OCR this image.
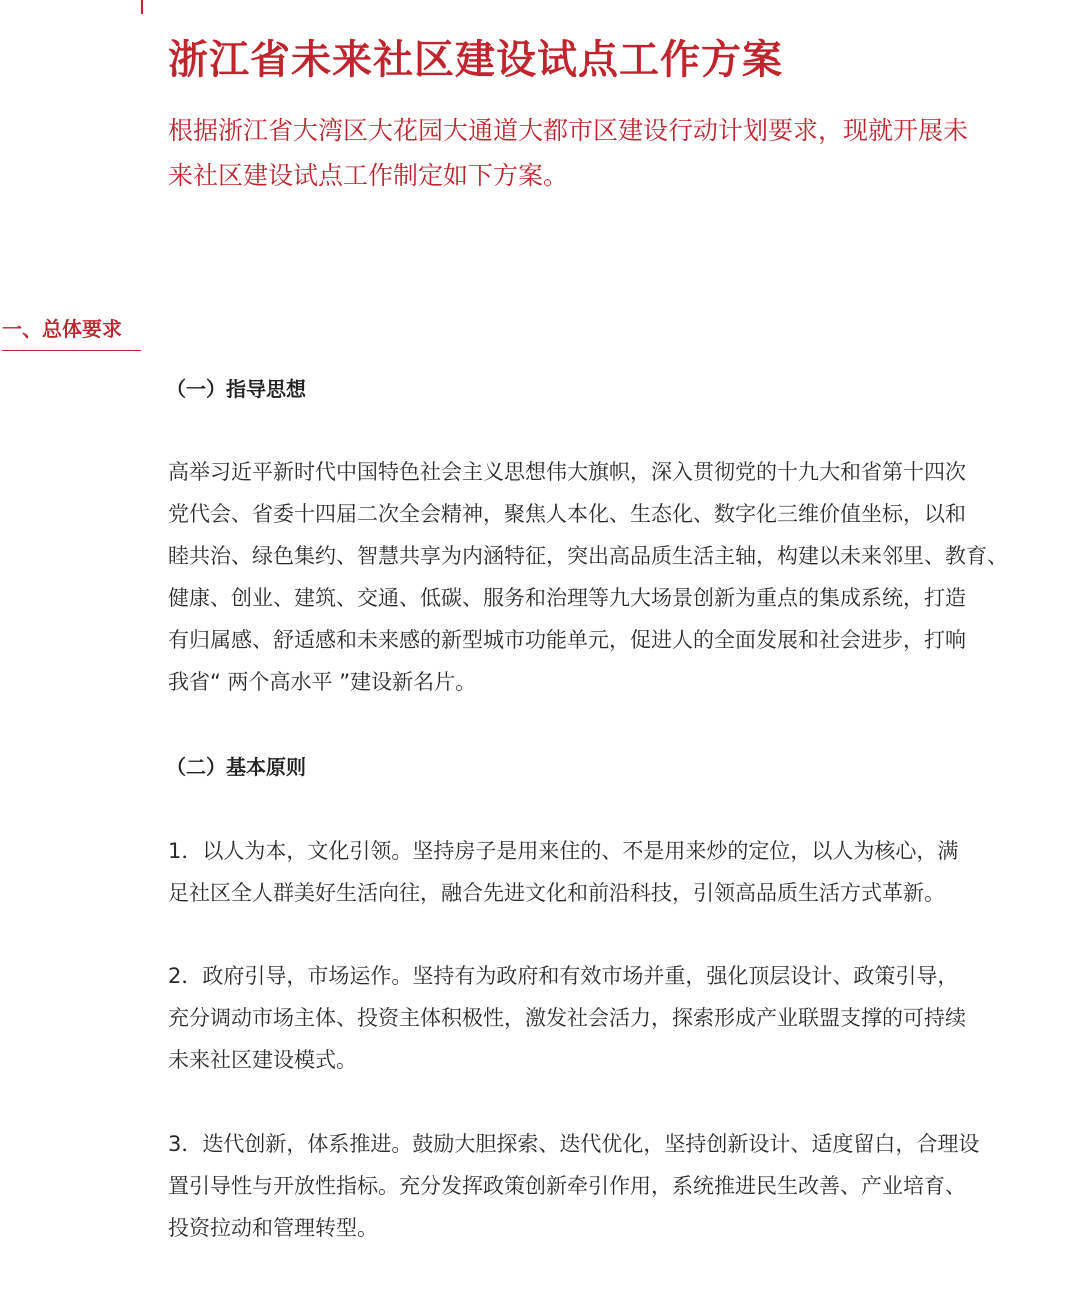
浙江省未来社区建设试点工作方案

根据浙江省大湾区大花园大通道大都市区建设行动计划要求，现就开展未
来社区建设试点工作制定如下方案。

一、总体要求
（一）指导思想

高举习近平新时代中国特色社会主义思想伟大旗帜，深入贯彻党的十九大和省第十四次
党代会、省委十四届二次全会精神，聚焦人本化、生态化、数字化三维价值坐标，以和
睦共治、绿色集约、智慧共享为内涵特征，突出高品质生活主轴，构建以未来邻里、教育、
健康、创业、建筑、交通、低碳、服务和治理等九大场景创新为重点的集成系统，打造
有归属感、舒适感和未来感的新型城市功能单元，促进人的全面发展和社会进步，打响
我省“ 两个高水平 ”建设新名片。

（二）基本原则

1．以人为本，文化引领。坚持房子是用来住的、不是用来炒的定位，以人为核心，满
足社区全人群美好生活向往，融合先进文化和前沿科技，引领高品质生活方式革新。

2．政府引导，市场运作。坚持有为政府和有效市场并重，强化顶层设计、政策引导，
充分调动市场主体、投资主体积极性，激发社会活力，探索形成产业联盟支撑的可持续
未来社区建设模式。

3．迭代创新，体系推进。鼓励大胆探索、迭代优化，坚持创新设计、适度留白，合理设
置引导性与开放性指标。充分发挥政策创新牵引作用，系统推进民生改善、产业培育、
投资拉动和管理转型。
